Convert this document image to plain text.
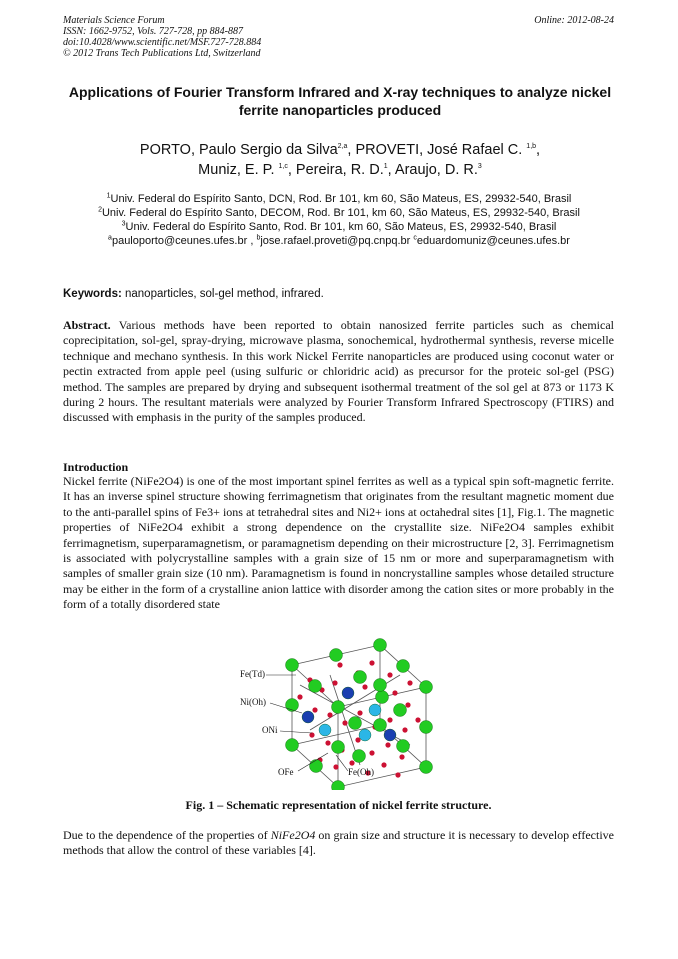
Materials Science Forum
ISSN: 1662-9752, Vols. 727-728, pp 884-887
doi:10.4028/www.scientific.net/MSF.727-728.884
© 2012 Trans Tech Publications Ltd, Switzerland
Online: 2012-08-24
Applications of Fourier Transform Infrared and X-ray techniques to analyze nickel ferrite nanoparticles produced
PORTO, Paulo Sergio da Silva$^{2,a}$, PROVETI, José Rafael C. $^{1,b}$,
Muniz, E. P. $^{1,c}$, Pereira, R. D.$^1$, Araujo, D. R.$^3$
$^1$Univ. Federal do Espírito Santo, DCN, Rod. Br 101, km 60, São Mateus, ES, 29932-540, Brasil
$^2$Univ. Federal do Espírito Santo, DECOM, Rod. Br 101, km 60, São Mateus, ES, 29932-540, Brasil
$^3$Univ. Federal do Espírito Santo, Rod. Br 101, km 60, São Mateus, ES, 29932-540, Brasil
$^a$pauloporto@ceunes.ufes.br , $^b$jose.rafael.proveti@pq.cnpq.br $^c$eduardomuniz@ceunes.ufes.br
Keywords: nanoparticles, sol-gel method, infrared.
Abstract. Various methods have been reported to obtain nanosized ferrite particles such as chemical coprecipitation, sol-gel, spray-drying, microwave plasma, sonochemical, hydrothermal synthesis, reverse micelle technique and mechano synthesis. In this work Nickel Ferrite nanoparticles are produced using coconut water or pectin extracted from apple peel (using sulfuric or chloridric acid) as precursor for the proteic sol-gel (PSG) method. The samples are prepared by drying and subsequent isothermal treatment of the sol gel at 873 or 1173 K during 2 hours. The resultant materials were analyzed by Fourier Transform Infrared Spectroscopy (FTIRS) and discussed with emphasis in the purity of the samples produced.
Introduction
Nickel ferrite (NiFe2O4) is one of the most important spinel ferrites as well as a typical spin soft-magnetic ferrite. It has an inverse spinel structure showing ferrimagnetism that originates from the resultant magnetic moment due to the anti-parallel spins of Fe3+ ions at tetrahedral sites and Ni2+ ions at octahedral sites [1], Fig.1. The magnetic properties of NiFe2O4 exhibit a strong dependence on the crystallite size. NiFe2O4 samples exhibit ferrimagnetism, superparamagnetism, or paramagnetism depending on their microstructure [2, 3]. Ferrimagnetism is associated with polycrystalline samples with a grain size of 15 nm or more and superparamagnetism with samples of smaller grain size (10 nm). Paramagnetism is found in noncrystalline samples whose detailed structure may be either in the form of a crystalline anion lattice with disorder among the cation sites or more probably in the form of a totally disordered state
Fe(Td)
Ni(Oh)
ONi
OFe	Fe(Oh)
Fig. 1 – Schematic representation of nickel ferrite structure.
Due to the dependence of the properties of NiFe2O4 on grain size and structure it is necessary to develop effective methods that allow the control of these variables [4].
